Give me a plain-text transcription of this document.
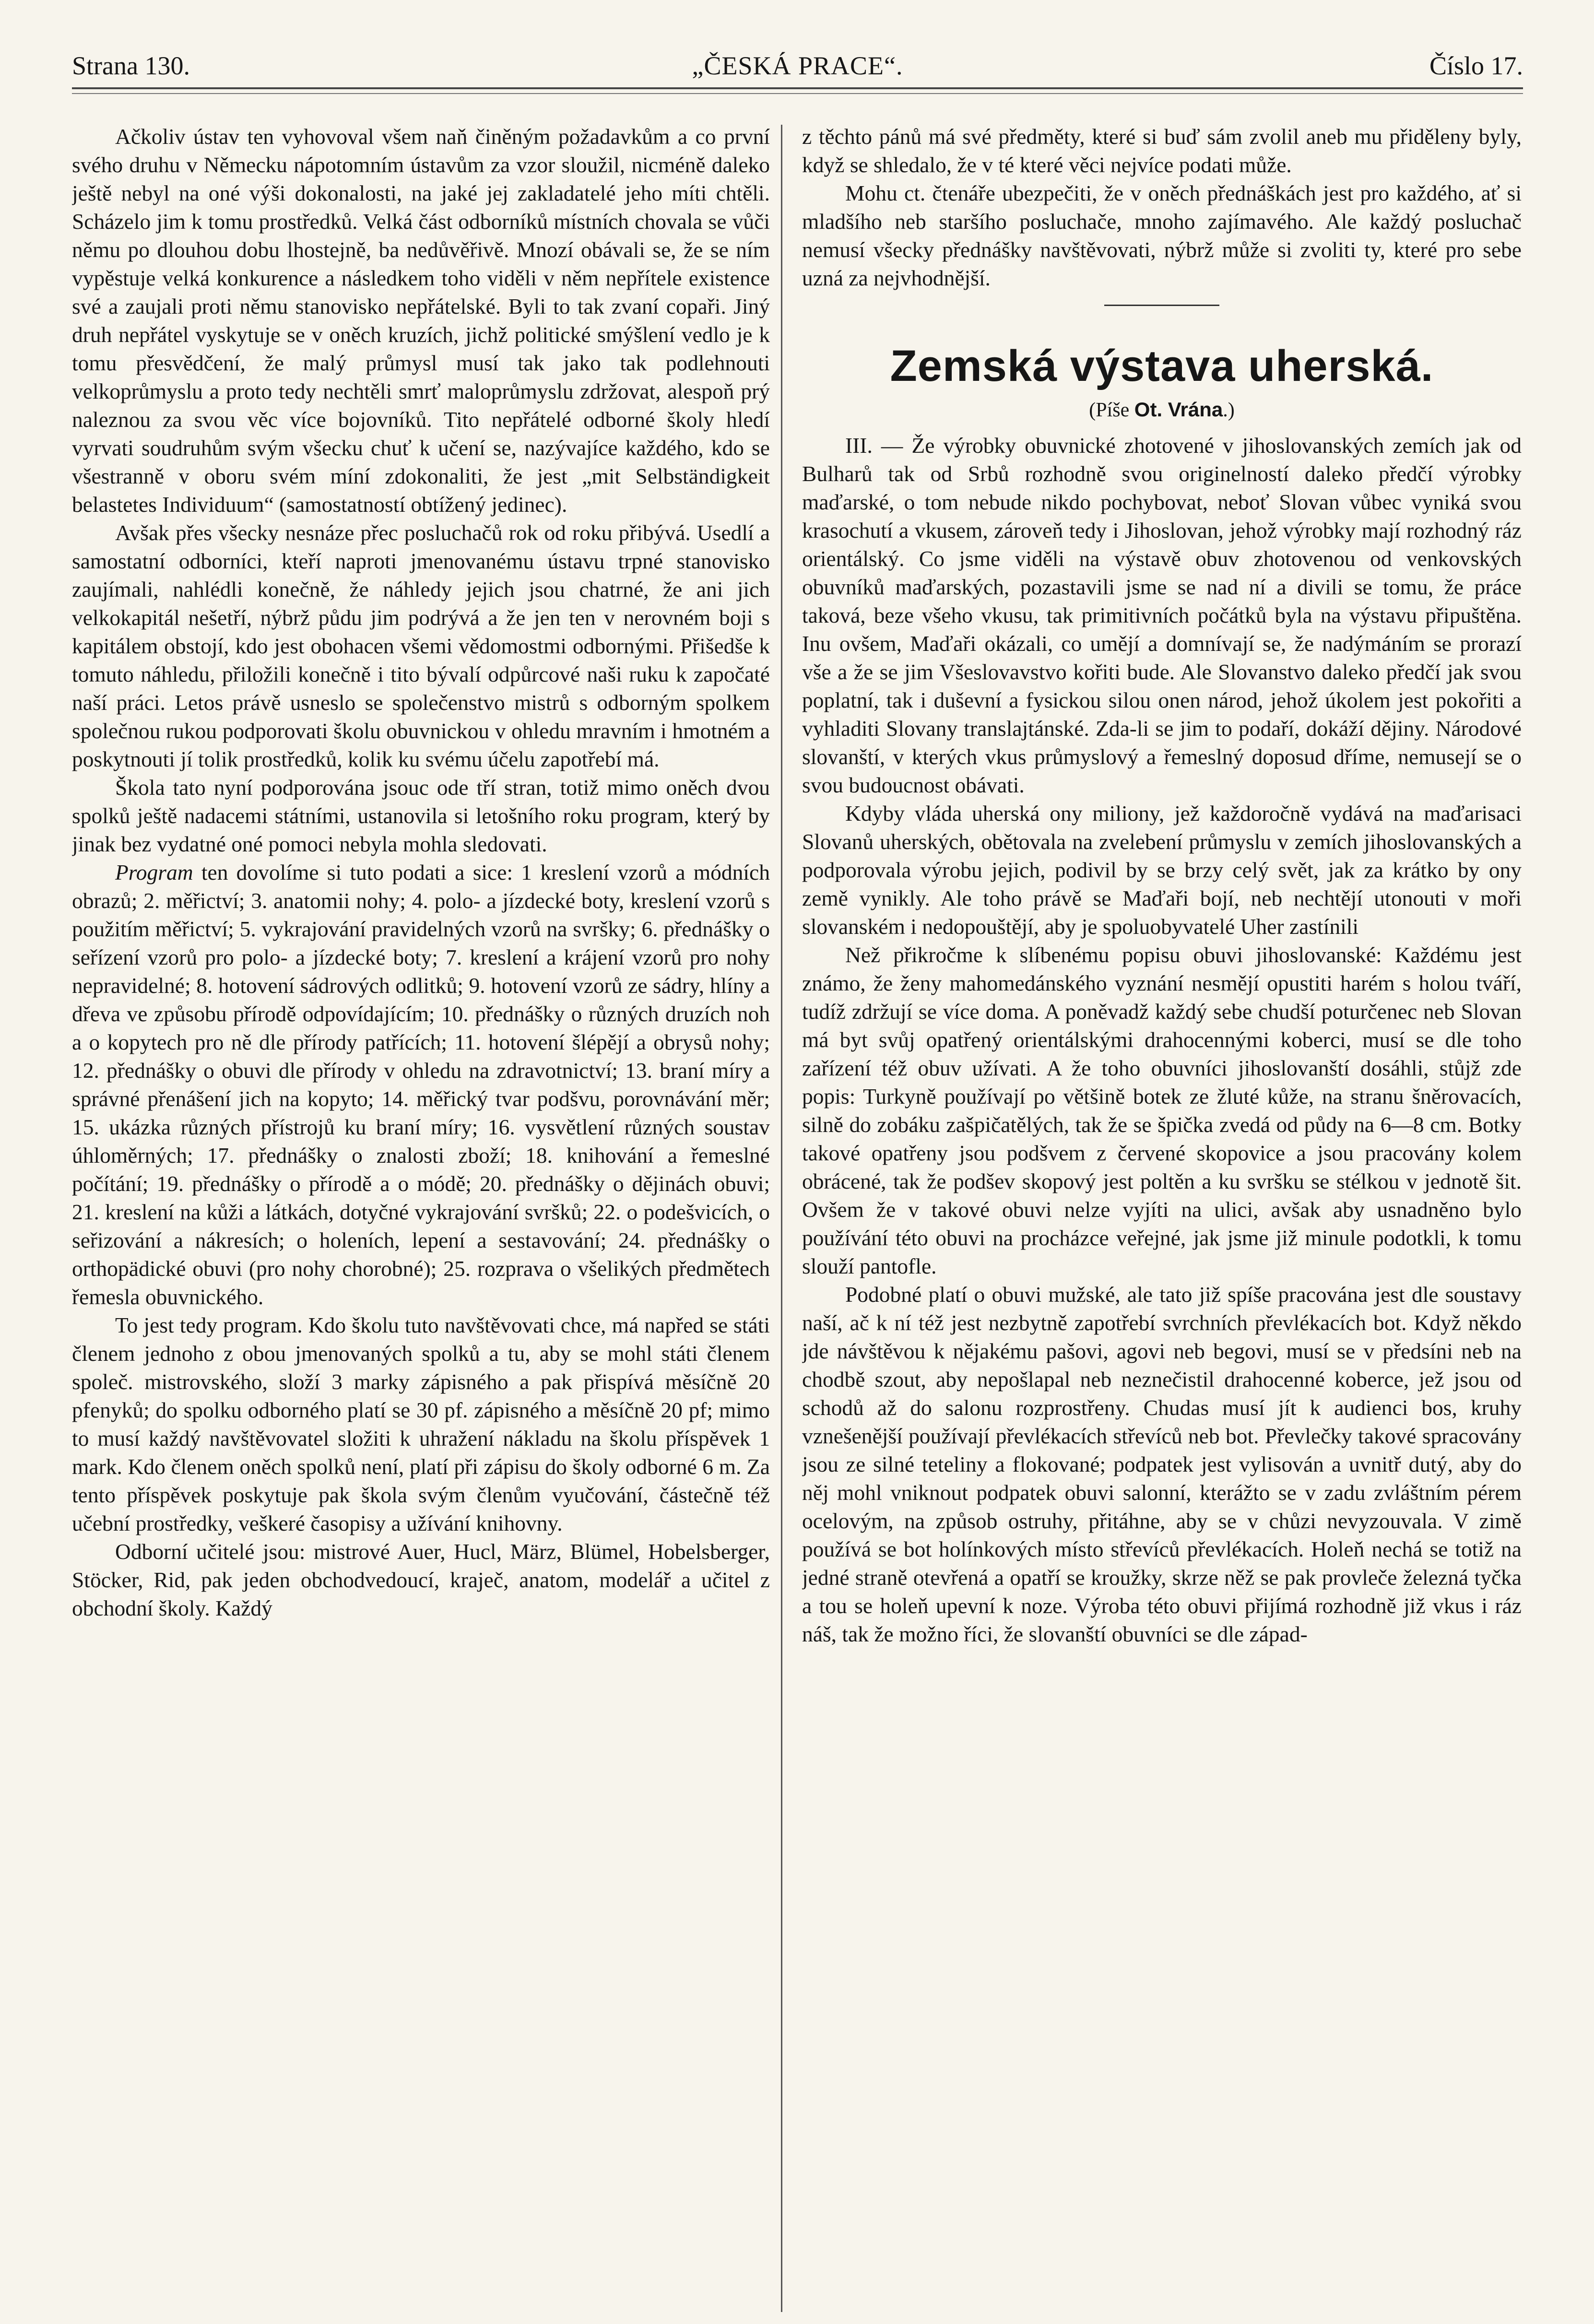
Strana 130.	„ČESKÁ PRACE“.	Číslo 17.

Ačkoliv ústav ten vyhovoval všem naň činěným požadavkům a co první svého druhu v Německu nápotomním ústavům za vzor sloužil, nicméně daleko ještě nebyl na oné výši dokonalosti, na jaké jej zakladatelé jeho míti chtěli. Scházelo jim k tomu prostředků. Velká část odborníků místních chovala se vůči němu po dlouhou dobu lhostejně, ba nedůvěřivě. Mnozí obávali se, že se ním vypěstuje velká konkurence a následkem toho viděli v něm nepřítele existence své a zaujali proti němu stanovisko nepřátelské. Byli to tak zvaní copaři. Jiný druh nepřátel vyskytuje se v oněch kruzích, jichž politické smýšlení vedlo je k tomu přesvědčení, že malý průmysl musí tak jako tak podlehnouti velkoprůmyslu a proto tedy nechtěli smrť maloprůmyslu zdržovat, alespoň prý naleznou za svou věc více bojovníků. Tito nepřátelé odborné školy hledí vyrvati soudruhům svým všecku chuť k učení se, nazývajíce každého, kdo se všestranně v oboru svém míní zdokonaliti, že jest „mit Selbständigkeit belastetes Individuum“ (samostatností obtížený jedinec).

Avšak přes všecky nesnáze přec posluchačů rok od roku přibývá. Usedlí a samostatní odborníci, kteří naproti jmenovanému ústavu trpné stanovisko zaujímali, nahlédli konečně, že náhledy jejich jsou chatrné, že ani jich velkokapitál nešetří, nýbrž půdu jim podrývá a že jen ten v nerovném boji s kapitálem obstojí, kdo jest obohacen všemi vědomostmi odbornými. Přišedše k tomuto náhledu, přiložili konečně i tito bývalí odpůrcové naši ruku k započaté naší práci. Letos právě usneslo se společenstvo mistrů s odborným spolkem společnou rukou podporovati školu obuvnickou v ohledu mravním i hmotném a poskytnouti jí tolik prostředků, kolik ku svému účelu zapotřebí má.

Škola tato nyní podporována jsouc ode tří stran, totiž mimo oněch dvou spolků ještě nadacemi státními, ustanovila si letošního roku program, který by jinak bez vydatné oné pomoci nebyla mohla sledovati.

Program ten dovolíme si tuto podati a sice: 1 kreslení vzorů a módních obrazů; 2. měřictví; 3. anatomii nohy; 4. polo- a jízdecké boty, kreslení vzorů s použitím měřictví; 5. vykrajování pravidelných vzorů na svršky; 6. přednášky o seřízení vzorů pro polo- a jízdecké boty; 7. kreslení a krájení vzorů pro nohy nepravidelné; 8. hotovení sádrových odlitků; 9. hotovení vzorů ze sádry, hlíny a dřeva ve způsobu přírodě odpovídajícím; 10. přednášky o různých druzích noh a o kopytech pro ně dle přírody patřících; 11. hotovení šlépějí a obrysů nohy; 12. přednášky o obuvi dle přírody v ohledu na zdravotnictví; 13. braní míry a správné přenášení jich na kopyto; 14. měřický tvar podšvu, porovnávání měr; 15. ukázka různých přístrojů ku braní míry; 16. vysvětlení různých soustav úhloměrných; 17. přednášky o znalosti zboží; 18. knihování a řemeslné počítání; 19. přednášky o přírodě a o módě; 20. přednášky o dějinách obuvi; 21. kreslení na kůži a látkách, dotyčné vykrajování svršků; 22. o podešvicích, o seřizování a nákresích; o holeních, lepení a sestavování; 24. přednášky o orthopädické obuvi (pro nohy chorobné); 25. rozprava o všelikých předmětech řemesla obuvnického.

To jest tedy program. Kdo školu tuto navštěvovati chce, má napřed se státi členem jednoho z obou jmenovaných spolků a tu, aby se mohl státi členem společ. mistrovského, složí 3 marky zápisného a pak přispívá měsíčně 20 pfenyků; do spolku odborného platí se 30 pf. zápisného a měsíčně 20 pf; mimo to musí každý navštěvovatel složiti k uhražení nákladu na školu příspěvek 1 mark. Kdo členem oněch spolků není, platí při zápisu do školy odborné 6 m. Za tento příspěvek poskytuje pak škola svým členům vyučování, částečně též učební prostředky, veškeré časopisy a užívání knihovny.

Odborní učitelé jsou: mistrové Auer, Hucl, März, Blümel, Hobelsberger, Stöcker, Rid, pak jeden obchodvedoucí, kraječ, anatom, modelář a učitel z obchodní školy. Každý

z těchto pánů má své předměty, které si buď sám zvolil aneb mu přiděleny byly, když se shledalo, že v té které věci nejvíce podati může.

Mohu ct. čtenáře ubezpečiti, že v oněch přednáškách jest pro každého, ať si mladšího neb staršího posluchače, mnoho zajímavého. Ale každý posluchač nemusí všecky přednášky navštěvovati, nýbrž může si zvoliti ty, které pro sebe uzná za nejvhodnější.

Zemská výstava uherská.
(Píše Ot. Vrána.)

III. — Že výrobky obuvnické zhotovené v jihoslovanských zemích jak od Bulharů tak od Srbů rozhodně svou originelností daleko předčí výrobky maďarské, o tom nebude nikdo pochybovat, neboť Slovan vůbec vyniká svou krasochutí a vkusem, zároveň tedy i Jihoslovan, jehož výrobky mají rozhodný ráz orientálský. Co jsme viděli na výstavě obuv zhotovenou od venkovských obuvníků maďarských, pozastavili jsme se nad ní a divili se tomu, že práce taková, beze všeho vkusu, tak primitivních počátků byla na výstavu připuštěna. Inu ovšem, Maďaři okázali, co umějí a domnívají se, že nadýmáním se prorazí vše a že se jim Všeslovavstvo kořiti bude. Ale Slovanstvo daleko předčí jak svou poplatní, tak i duševní a fysickou silou onen národ, jehož úkolem jest pokořiti a vyhladiti Slovany translajtánské. Zda-li se jim to podaří, dokáží dějiny. Národové slovanští, v kterých vkus průmyslový a řemeslný doposud dříme, nemusejí se o svou budoucnost obávati.

Kdyby vláda uherská ony miliony, jež každoročně vydává na maďarisaci Slovanů uherských, obětovala na zvelebení průmyslu v zemích jihoslovanských a podporovala výrobu jejich, podivil by se brzy celý svět, jak za krátko by ony země vynikly. Ale toho právě se Maďaři bojí, neb nechtějí utonouti v moři slovanském i nedopouštějí, aby je spoluobyvatelé Uher zastínili

Než přikročme k slíbenému popisu obuvi jihoslovanské: Každému jest známo, že ženy mahomedánského vyznání nesmějí opustiti harém s holou tváří, tudíž zdržují se více doma. A poněvadž každý sebe chudší poturčenec neb Slovan má byt svůj opatřený orientálskými drahocennými koberci, musí se dle toho zařízení též obuv užívati. A že toho obuvníci jihoslovanští dosáhli, stůjž zde popis: Turkyně používají po většině botek ze žluté kůže, na stranu šněrovacích, silně do zobáku zašpičatělých, tak že se špička zvedá od půdy na 6—8 cm. Botky takové opatřeny jsou podšvem z červené skopovice a jsou pracovány kolem obrácené, tak že podšev skopový jest poltěn a ku svršku se stélkou v jednotě šit. Ovšem že v takové obuvi nelze vyjíti na ulici, avšak aby usnadněno bylo používání této obuvi na procházce veřejné, jak jsme již minule podotkli, k tomu slouží pantofle.

Podobné platí o obuvi mužské, ale tato již spíše pracována jest dle soustavy naší, ač k ní též jest nezbytně zapotřebí svrchních převlékacích bot. Když někdo jde návštěvou k nějakému pašovi, agovi neb begovi, musí se v předsíni neb na chodbě szout, aby nepošlapal neb neznečistil drahocenné koberce, jež jsou od schodů až do salonu rozprostřeny. Chudas musí jít k audienci bos, kruhy vznešenější používají převlékacích střevíců neb bot. Převlečky takové spracovány jsou ze silné teteliny a flokované; podpatek jest vylisován a uvnitř dutý, aby do něj mohl vniknout podpatek obuvi salonní, kterážto se v zadu zvláštním pérem ocelovým, na způsob ostruhy, přitáhne, aby se v chůzi nevyzouvala. V zimě používá se bot holínkových místo střevíců převlékacích. Holeň nechá se totiž na jedné straně otevřená a opatří se kroužky, skrze něž se pak provleče železná tyčka a tou se holeň upevní k noze. Výroba této obuvi přijímá rozhodně již vkus i ráz náš, tak že možno říci, že slovanští obuvníci se dle západ-
